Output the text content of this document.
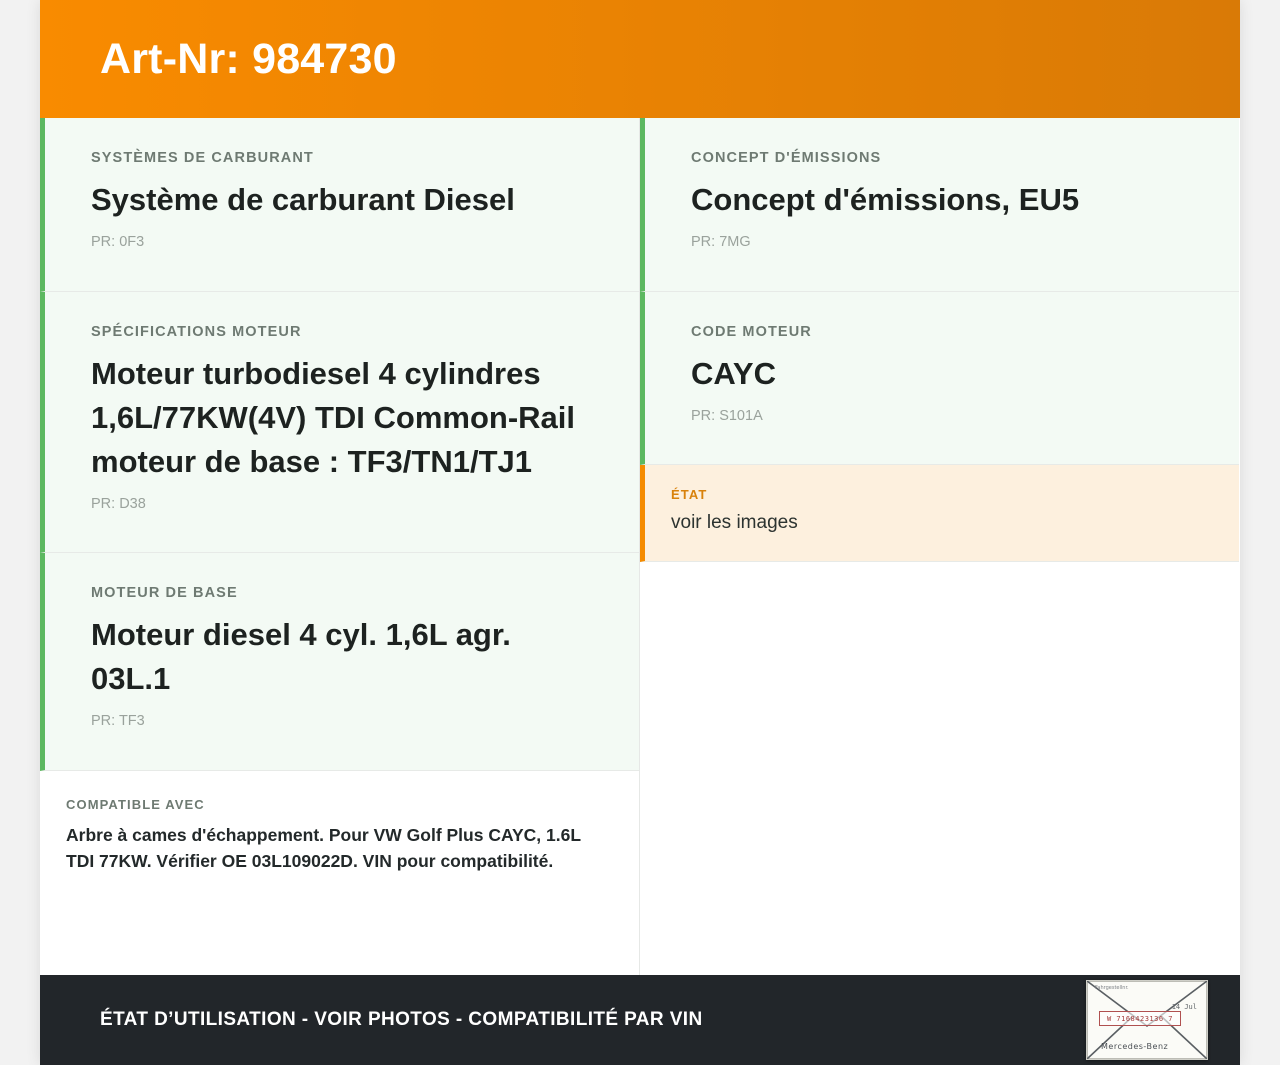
Art-Nr: 984730

SYSTÈMES DE CARBURANT

Système de carburant Diesel

PR: 0F3

SPÉCIFICATIONS MOTEUR

Moteur turbodiesel 4 cylindres 1,6L/77KW(4V) TDI Common-Rail moteur de base : TF3/TN1/TJ1

PR: D38

MOTEUR DE BASE

Moteur diesel 4 cyl. 1,6L agr. 03L.1

PR: TF3

COMPATIBLE AVEC

Arbre à cames d'échappement. Pour VW Golf Plus CAYC, 1.6L TDI 77KW. Vérifier OE 03L109022D. VIN pour compatibilité.

CONCEPT D'ÉMISSIONS

Concept d'émissions, EU5

PR: 7MG

CODE MOTEUR

CAYC

PR: S101A

ÉTAT

voir les images

ÉTAT D’UTILISATION - VOIR PHOTOS - COMPATIBILITÉ PAR VIN
Fahrgestellnr.
W 7168423136 7
14 Jul
Mercedes-Benz
